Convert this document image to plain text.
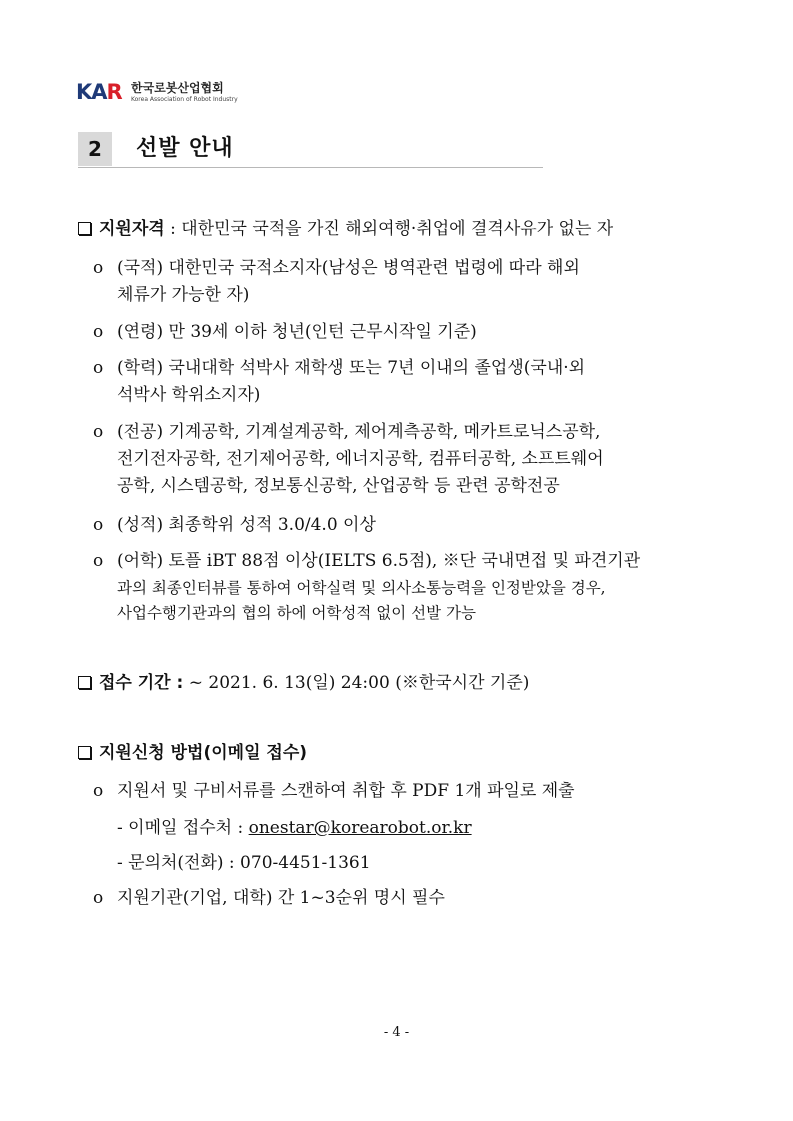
KAR 한국로봇산업협회
Korea Association of Robot Industry
2	선발 안내
지원자격 : 대한민국 국적을 가진 해외여행·취업에 결격사유가 없는 자
o (국적) 대한민국 국적소지자(남성은 병역관련 법령에 따라 해외
체류가 가능한 자)
o (연령) 만 39세 이하 청년(인턴 근무시작일 기준)
o (학력) 국내대학 석박사 재학생 또는 7년 이내의 졸업생(국내·외
석박사 학위소지자)
o (전공) 기계공학, 기계설계공학, 제어계측공학, 메카트로닉스공학,
전기전자공학, 전기제어공학, 에너지공학, 컴퓨터공학, 소프트웨어
공학, 시스템공학, 정보통신공학, 산업공학 등 관련 공학전공
o (성적) 최종학위 성적 3.0/4.0 이상
o (어학) 토플 iBT 88점 이상(IELTS 6.5점), ※단 국내면접 및 파견기관
과의 최종인터뷰를 통하여 어학실력 및 의사소통능력을 인정받았을 경우,
사업수행기관과의 협의 하에 어학성적 없이 선발 가능
접수 기간 : ~ 2021. 6. 13(일) 24:00 (※한국시간 기준)
지원신청 방법(이메일 접수)
o 지원서 및 구비서류를 스캔하여 취합 후 PDF 1개 파일로 제출
- 이메일 접수처 : onestar@korearobot.or.kr
- 문의처(전화) : 070-4451-1361
o 지원기관(기업, 대학) 간 1~3순위 명시 필수
- 4 -
